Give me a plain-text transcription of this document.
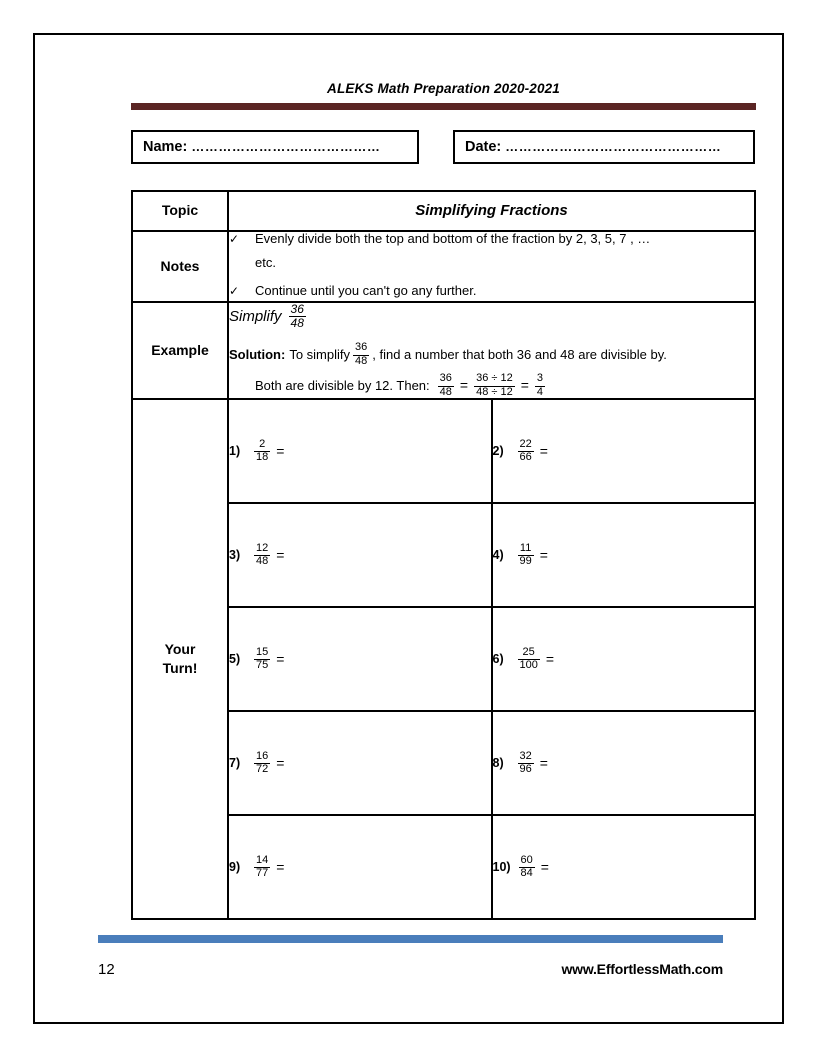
ALEKS Math Preparation 2020-2021
Name: ……………………………………	Date: …………………………………………
Topic	Simplifying Fractions	
Notes	✓ Evenly divide both the top and bottom of the fraction by 2, 3, 5, 7 , …
etc.
✓ Continue until you can't go any further.	

Example	
Simplify $\frac{36}{48}$
Solution: To simplify $\frac{36}{48}$ , find a number that both 36 and 48 are divisible by.
Both are divisible by 12. Then: $\frac{36}{48} = \frac{36 \div 12}{48 \div 12} = \frac{3}{4}$

Your
Turn!

1)	$\frac{2}{18}$ =	2)	$\frac{22}{66}$ =

	$3) \frac{12}{48}$ =	$4) \frac{11}{99}$ =

	$5) \frac{15}{75}$ =	$6) \frac{25}{100}$ =

	$7) \frac{16}{72}$ =	$8) \frac{32}{96}$ =

	$9) \frac{14}{77}$ =	$10) \frac{60}{84}$ =
12	www.EffortlessMath.com
